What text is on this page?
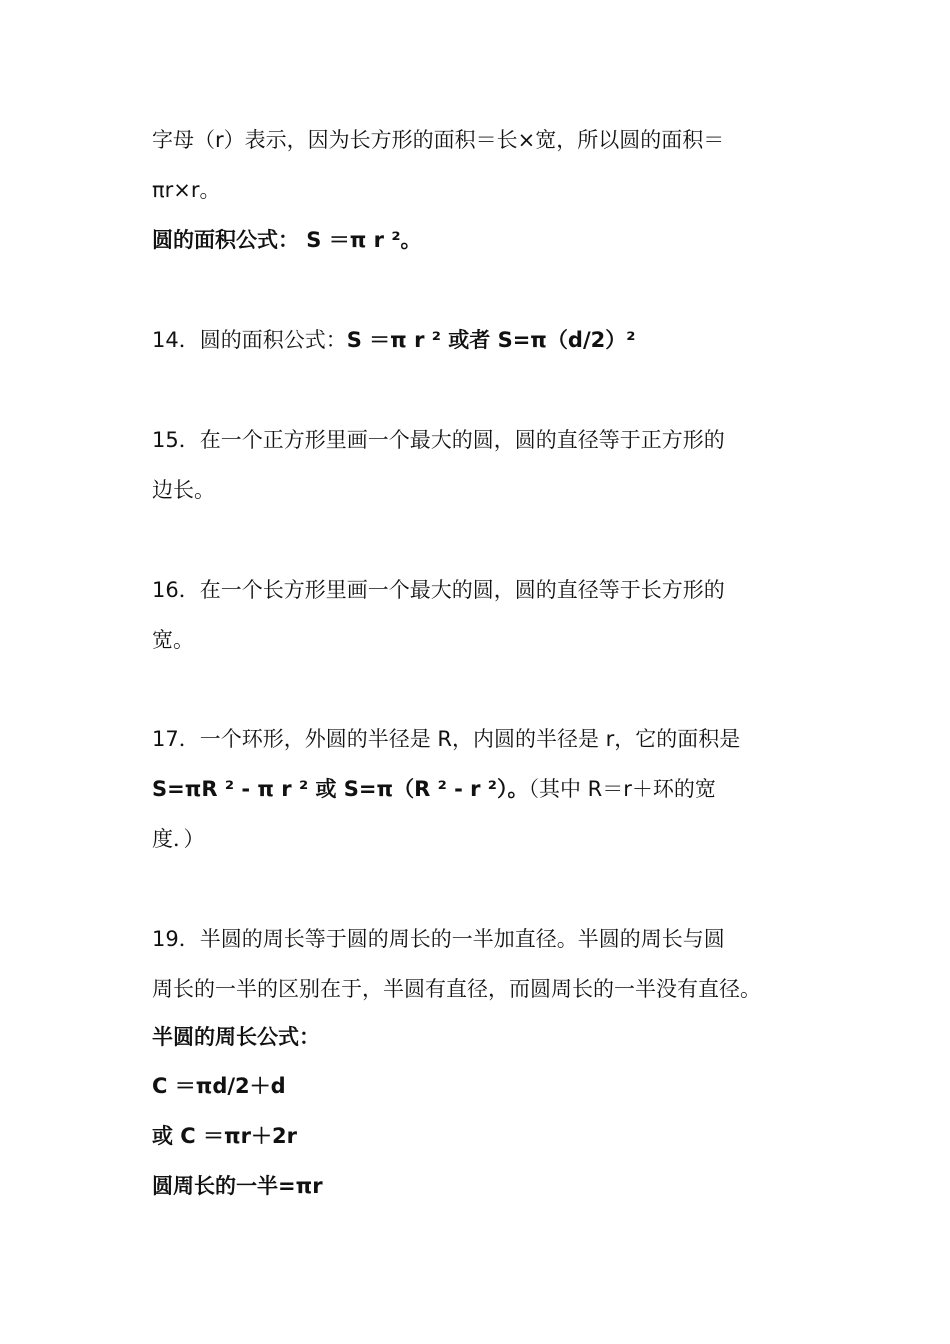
字母（r）表示，因为长方形的面积＝长×宽，所以圆的面积＝
πr×r。
圆的面积公式： S ＝π r ²。
14．圆的面积公式：S ＝π r ² 或者 S=π（d/2）²
15．在一个正方形里画一个最大的圆，圆的直径等于正方形的
边长。
16．在一个长方形里画一个最大的圆，圆的直径等于长方形的
宽。
17．一个环形，外圆的半径是 R，内圆的半径是 r，它的面积是
S=πR ² - π r ² 或 S=π（R ² - r ²）。（其中 R＝r＋环的宽
度．）
19．半圆的周长等于圆的周长的一半加直径。半圆的周长与圆
周长的一半的区别在于，半圆有直径，而圆周长的一半没有直径。
半圆的周长公式：
C ＝πd/2＋d
或 C ＝πr＋2r
圆周长的一半=πr
